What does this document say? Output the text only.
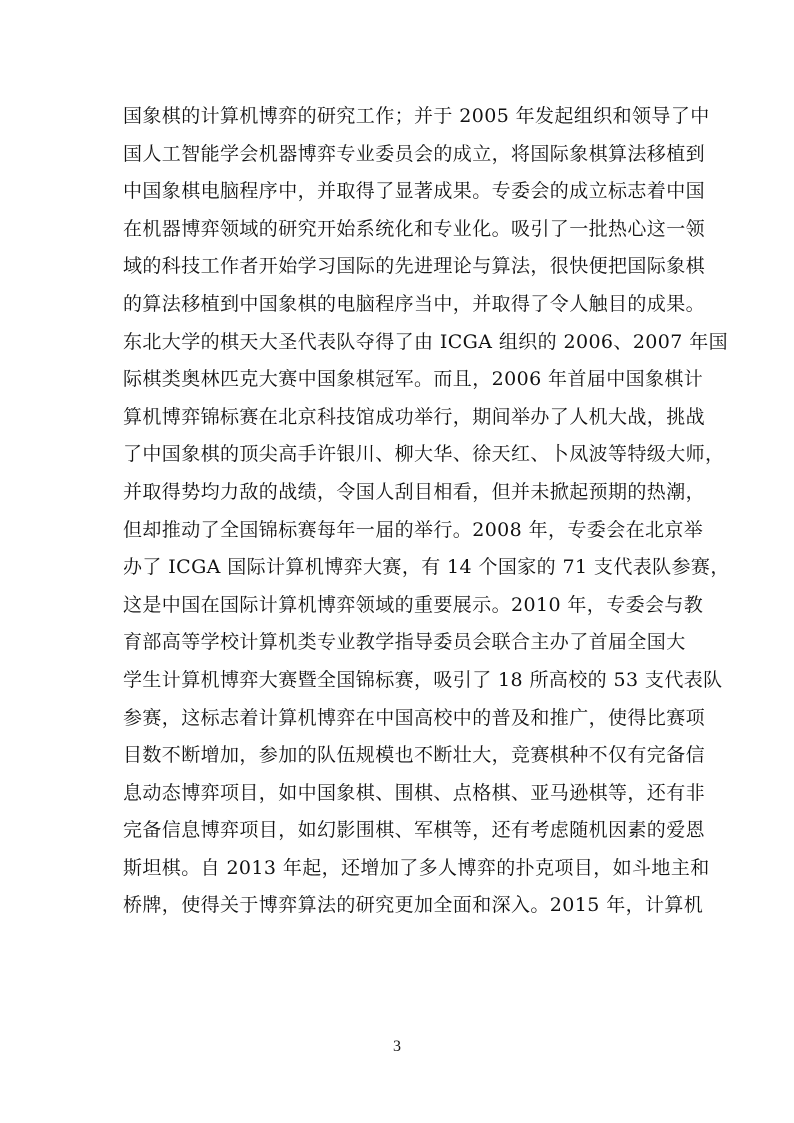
国象棋的计算机博弈的研究工作；并于 2005 年发起组织和领导了中
国人工智能学会机器博弈专业委员会的成立，将国际象棋算法移植到
中国象棋电脑程序中，并取得了显著成果。专委会的成立标志着中国
在机器博弈领域的研究开始系统化和专业化。吸引了一批热心这一领
域的科技工作者开始学习国际的先进理论与算法，很快便把国际象棋
的算法移植到中国象棋的电脑程序当中，并取得了令人触目的成果。
东北大学的棋天大圣代表队夺得了由 ICGA 组织的 2006、2007 年国
际棋类奥林匹克大赛中国象棋冠军。而且，2006 年首届中国象棋计
算机博弈锦标赛在北京科技馆成功举行，期间举办了人机大战，挑战
了中国象棋的顶尖高手许银川、柳大华、徐天红、卜凤波等特级大师，
并取得势均力敌的战绩，令国人刮目相看，但并未掀起预期的热潮，
但却推动了全国锦标赛每年一届的举行。2008 年，专委会在北京举
办了 ICGA 国际计算机博弈大赛，有 14 个国家的 71 支代表队参赛，
这是中国在国际计算机博弈领域的重要展示。2010 年，专委会与教
育部高等学校计算机类专业教学指导委员会联合主办了首届全国大
学生计算机博弈大赛暨全国锦标赛，吸引了 18 所高校的 53 支代表队
参赛，这标志着计算机博弈在中国高校中的普及和推广，使得比赛项
目数不断增加，参加的队伍规模也不断壮大，竞赛棋种不仅有完备信
息动态博弈项目，如中国象棋、围棋、点格棋、亚马逊棋等，还有非
完备信息博弈项目，如幻影围棋、军棋等，还有考虑随机因素的爱恩
斯坦棋。自 2013 年起，还增加了多人博弈的扑克项目，如斗地主和
桥牌，使得关于博弈算法的研究更加全面和深入。2015 年，计算机
3
